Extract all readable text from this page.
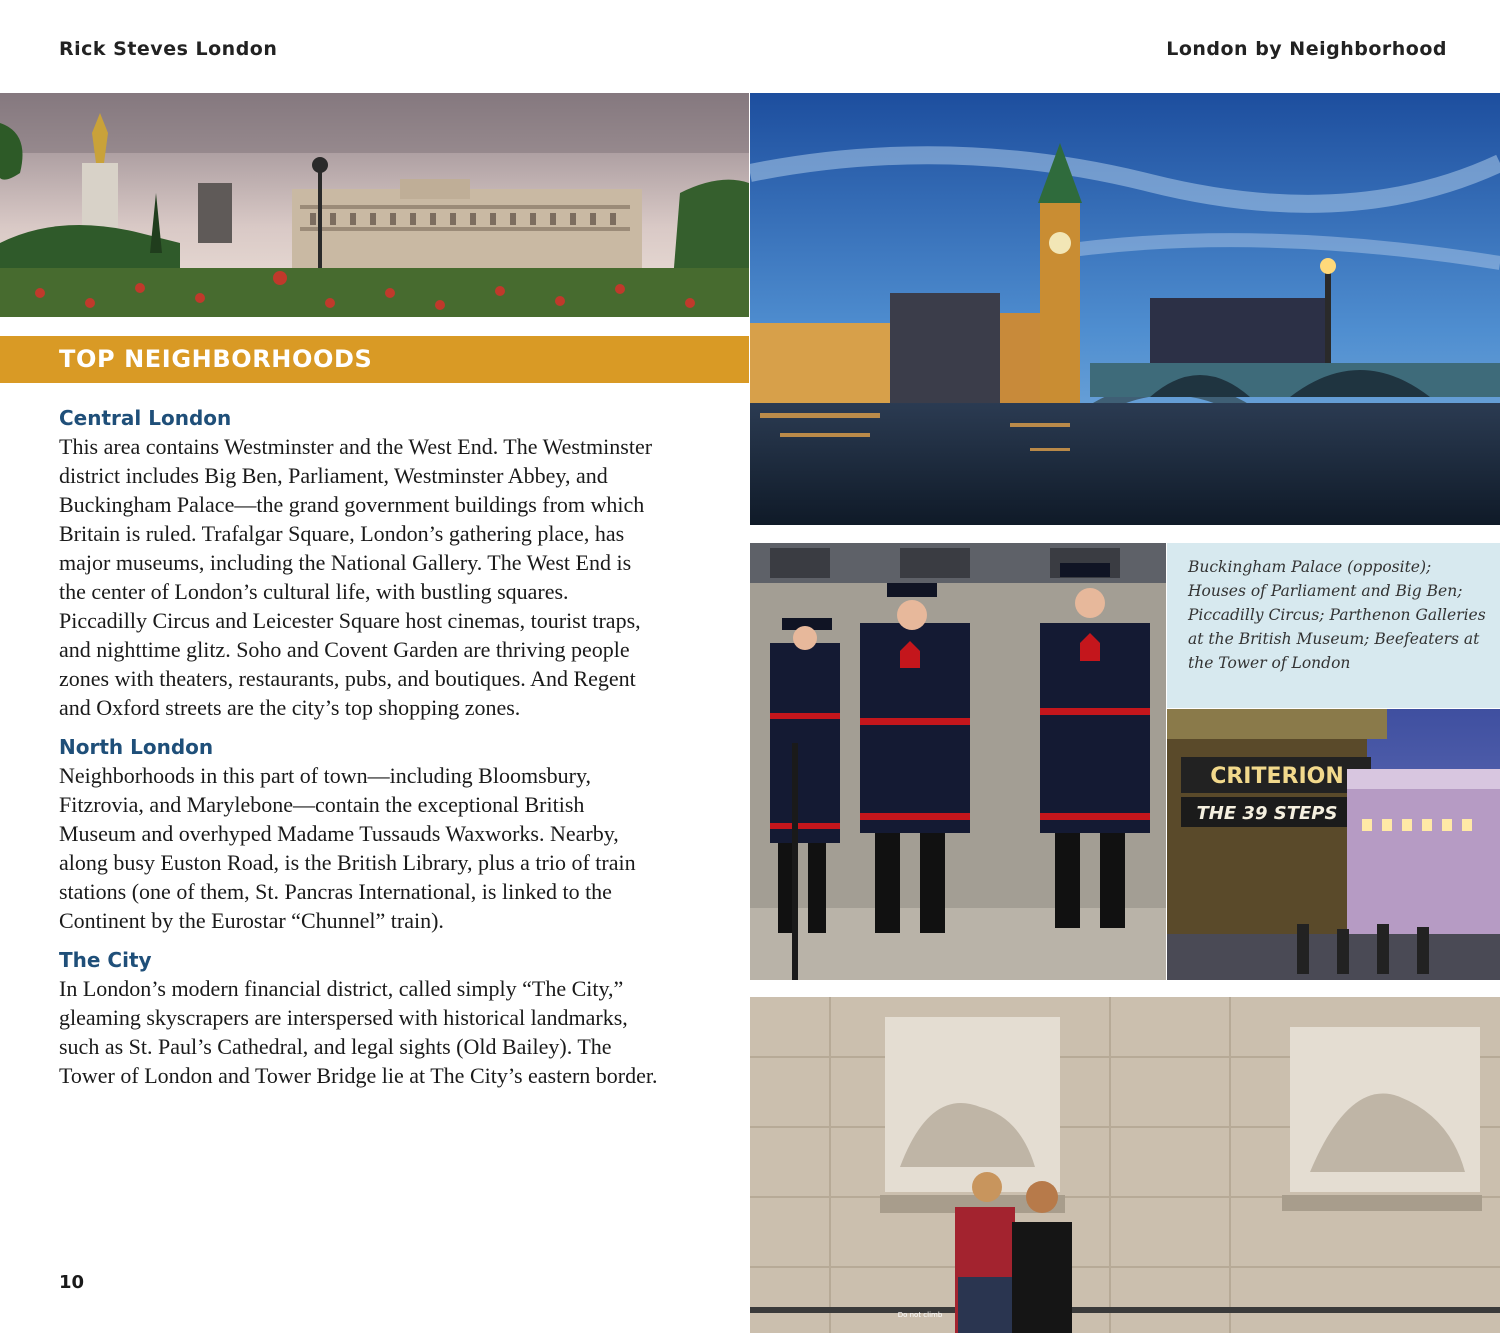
Rick Steves London	London by Neighborhood
Buckingham Palace (opposite); Houses of Parliament and Big Ben; Piccadilly Circus; Parthenon Galleries at the British Museum; Beefeaters at the Tower of London
CRITERION
THE 39 STEPS
Do not climb
TOP NEIGHBORHOODS
Central London

This area contains Westminster and the West End. The Westminster district includes Big Ben, Parliament, Westminster Abbey, and Buckingham Palace—the grand government buildings from which Britain is ruled. Trafalgar Square, London’s gathering place, has major museums, including the National Gallery. The West End is the center of London’s cultural life, with bustling squares. Piccadilly Circus and Leicester Square host cinemas, tourist traps, and nighttime glitz. Soho and Covent Garden are thriving people zones with theaters, restaurants, pubs, and boutiques. And Regent and Oxford streets are the city’s top shopping zones.

North London

Neighborhoods in this part of town—including Bloomsbury, Fitzrovia, and Marylebone—contain the exceptional British Museum and overhyped Madame Tussauds Waxworks. Nearby, along busy Euston Road, is the British Library, plus a trio of train stations (one of them, St. Pancras International, is linked to the Continent by the Eurostar “Chunnel” train).

The City

In London’s modern financial district, called simply “The City,” gleaming skyscrapers are interspersed with historical landmarks, such as St. Paul’s Cathedral, and legal sights (Old Bailey). The Tower of London and Tower Bridge lie at The City’s eastern border.

10
